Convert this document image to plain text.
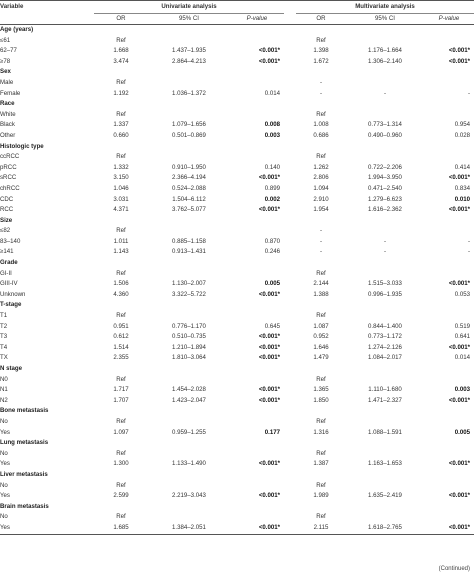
Variable	Univariate analysis				Multivariate analysis		
	OR	95% CI	P-value		OR	95% CI	P-value
Age (years)							
≤61	Ref				Ref		
62–77	1.668	1.437–1.935	<0.001*		1.398	1.176–1.664	<0.001*
≥78	3.474	2.864–4.213	<0.001*		1.672	1.306–2.140	<0.001*
Sex							
Male	Ref				-		
Female	1.192	1.036–1.372	0.014		-	-	-
Race							
White	Ref				Ref		
Black	1.337	1.079–1.656	0.008		1.008	0.773–1.314	0.954
Other	0.660	0.501–0.869	0.003		0.686	0.490–0.960	0.028
Histologic type							
ccRCC	Ref				Ref		
pRCC	1.332	0.910–1.950	0.140		1.262	0.722–2.206	0.414
sRCC	3.150	2.366–4.194	<0.001*		2.806	1.994–3.950	<0.001*
chRCC	1.046	0.524–2.088	0.899		1.094	0.471–2.540	0.834
CDC	3.031	1.504–6.112	0.002		2.910	1.279–6.623	0.010
RCC	4.371	3.762–5.077	<0.001*		1.954	1.616–2.362	<0.001*
Size							
≤82	Ref				-		
83–140	1.011	0.885–1.158	0.870		-	-	-
≥141	1.143	0.913–1.431	0.246		-	-	-
Grade							
GI-II	Ref				Ref		
GIII-IV	1.506	1.130–2.007	0.005		2.144	1.515–3.033	<0.001*
Unknown	4.360	3.322–5.722	<0.001*		1.388	0.996–1.935	0.053
T-stage							
T1	Ref				Ref		
T2	0.951	0.776–1.170	0.645		1.087	0.844–1.400	0.519
T3	0.612	0.510–0.735	<0.001*		0.952	0.773–1.172	0.641
T4	1.514	1.210–1.894	<0.001*		1.646	1.274–2.126	<0.001*
TX	2.355	1.810–3.064	<0.001*		1.479	1.084–2.017	0.014
N stage							
N0	Ref				Ref		
N1	1.717	1.454–2.028	<0.001*		1.365	1.110–1.680	0.003
N2	1.707	1.423–2.047	<0.001*		1.850	1.471–2.327	<0.001*
Bone metastasis							
No	Ref				Ref		
Yes	1.097	0.959–1.255	0.177		1.316	1.088–1.591	0.005
Lung metastasis							
No	Ref				Ref		
Yes	1.300	1.133–1.490	<0.001*		1.387	1.163–1.653	<0.001*
Liver metastasis							
No	Ref				Ref		
Yes	2.599	2.219–3.043	<0.001*		1.989	1.635–2.419	<0.001*
Brain metastasis							
No	Ref				Ref		
Yes	1.685	1.384–2.051	<0.001*		2.115	1.618–2.765	<0.001*
(Continued)
